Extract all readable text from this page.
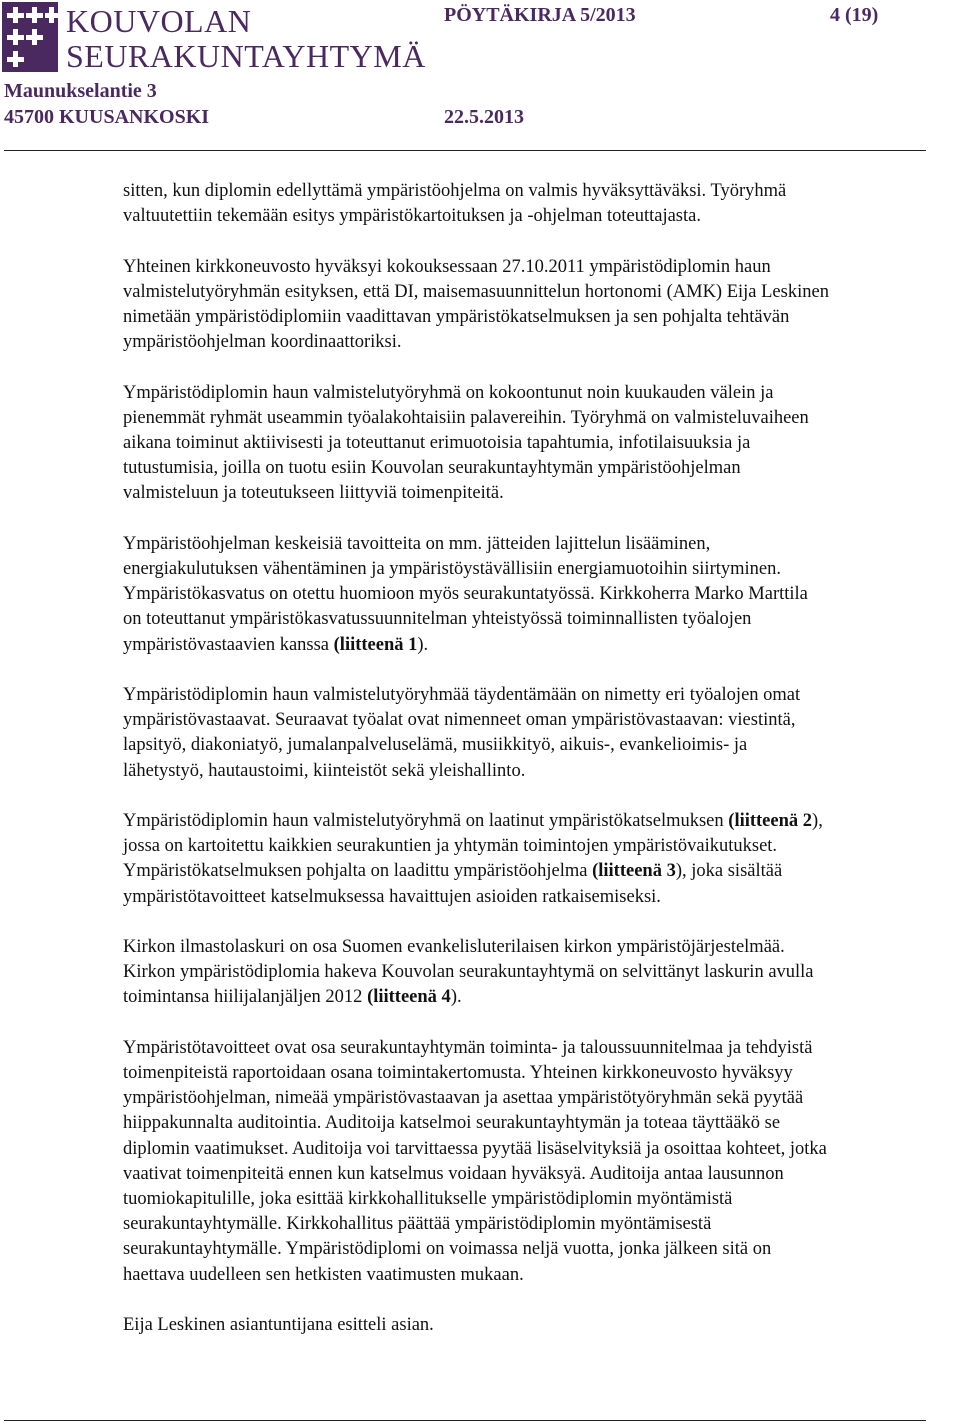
KOUVOLAN
SEURAKUNTAYHTYMÄ
PÖYTÄKIRJA 5/2013	4 (19)
Maunukselantie 3
45700 KUUSANKOSKI	22.5.2013

sitten, kun diplomin edellyttämä ympäristöohjelma on valmis hyväksyttäväksi. Työryhmä
valtuutettiin tekemään esitys ympäristökartoituksen ja -ohjelman toteuttajasta.

Yhteinen kirkkoneuvosto hyväksyi kokouksessaan 27.10.2011 ympäristödiplomin haun
valmistelutyöryhmän esityksen, että DI, maisemasuunnittelun hortonomi (AMK) Eija Leskinen
nimetään ympäristödiplomiin vaadittavan ympäristökatselmuksen ja sen pohjalta tehtävän
ympäristöohjelman koordinaattoriksi.

Ympäristödiplomin haun valmistelutyöryhmä on kokoontunut noin kuukauden välein ja
pienemmät ryhmät useammin työalakohtaisiin palavereihin. Työryhmä on valmisteluvaiheen
aikana toiminut aktiivisesti ja toteuttanut erimuotoisia tapahtumia, infotilaisuuksia ja
tutustumisia, joilla on tuotu esiin Kouvolan seurakuntayhtymän ympäristöohjelman
valmisteluun ja toteutukseen liittyviä toimenpiteitä.

Ympäristöohjelman keskeisiä tavoitteita on mm. jätteiden lajittelun lisääminen,
energiakulutuksen vähentäminen ja ympäristöystävällisiin energiamuotoihin siirtyminen.
Ympäristökasvatus on otettu huomioon myös seurakuntatyössä. Kirkkoherra Marko Marttila
on toteuttanut ympäristökasvatussuunnitelman yhteistyössä toiminnallisten työalojen
ympäristövastaavien kanssa (liitteenä 1).

Ympäristödiplomin haun valmistelutyöryhmää täydentämään on nimetty eri työalojen omat
ympäristövastaavat. Seuraavat työalat ovat nimenneet oman ympäristövastaavan: viestintä,
lapsityö, diakoniatyö, jumalanpalveluselämä, musiikkityö, aikuis-, evankelioimis- ja
lähetystyö, hautaustoimi, kiinteistöt sekä yleishallinto.

Ympäristödiplomin haun valmistelutyöryhmä on laatinut ympäristökatselmuksen (liitteenä 2),
jossa on kartoitettu kaikkien seurakuntien ja yhtymän toimintojen ympäristövaikutukset.
Ympäristökatselmuksen pohjalta on laadittu ympäristöohjelma (liitteenä 3), joka sisältää
ympäristötavoitteet katselmuksessa havaittujen asioiden ratkaisemiseksi.

Kirkon ilmastolaskuri on osa Suomen evankelisluterilaisen kirkon ympäristöjärjestelmää.
Kirkon ympäristödiplomia hakeva Kouvolan seurakuntayhtymä on selvittänyt laskurin avulla
toimintansa hiilijalanjäljen 2012 (liitteenä 4).

Ympäristötavoitteet ovat osa seurakuntayhtymän toiminta- ja taloussuunnitelmaa ja tehdyistä
toimenpiteistä raportoidaan osana toimintakertomusta. Yhteinen kirkkoneuvosto hyväksyy
ympäristöohjelman, nimeää ympäristövastaavan ja asettaa ympäristötyöryhmän sekä pyytää
hiippakunnalta auditointia. Auditoija katselmoi seurakuntayhtymän ja toteaa täyttääkö se
diplomin vaatimukset. Auditoija voi tarvittaessa pyytää lisäselvityksiä ja osoittaa kohteet, jotka
vaativat toimenpiteitä ennen kun katselmus voidaan hyväksyä. Auditoija antaa lausunnon
tuomiokapitulille, joka esittää kirkkohallitukselle ympäristödiplomin myöntämistä
seurakuntayhtymälle. Kirkkohallitus päättää ympäristödiplomin myöntämisestä
seurakuntayhtymälle. Ympäristödiplomi on voimassa neljä vuotta, jonka jälkeen sitä on
haettava uudelleen sen hetkisten vaatimusten mukaan.

Eija Leskinen asiantuntijana esitteli asian.
